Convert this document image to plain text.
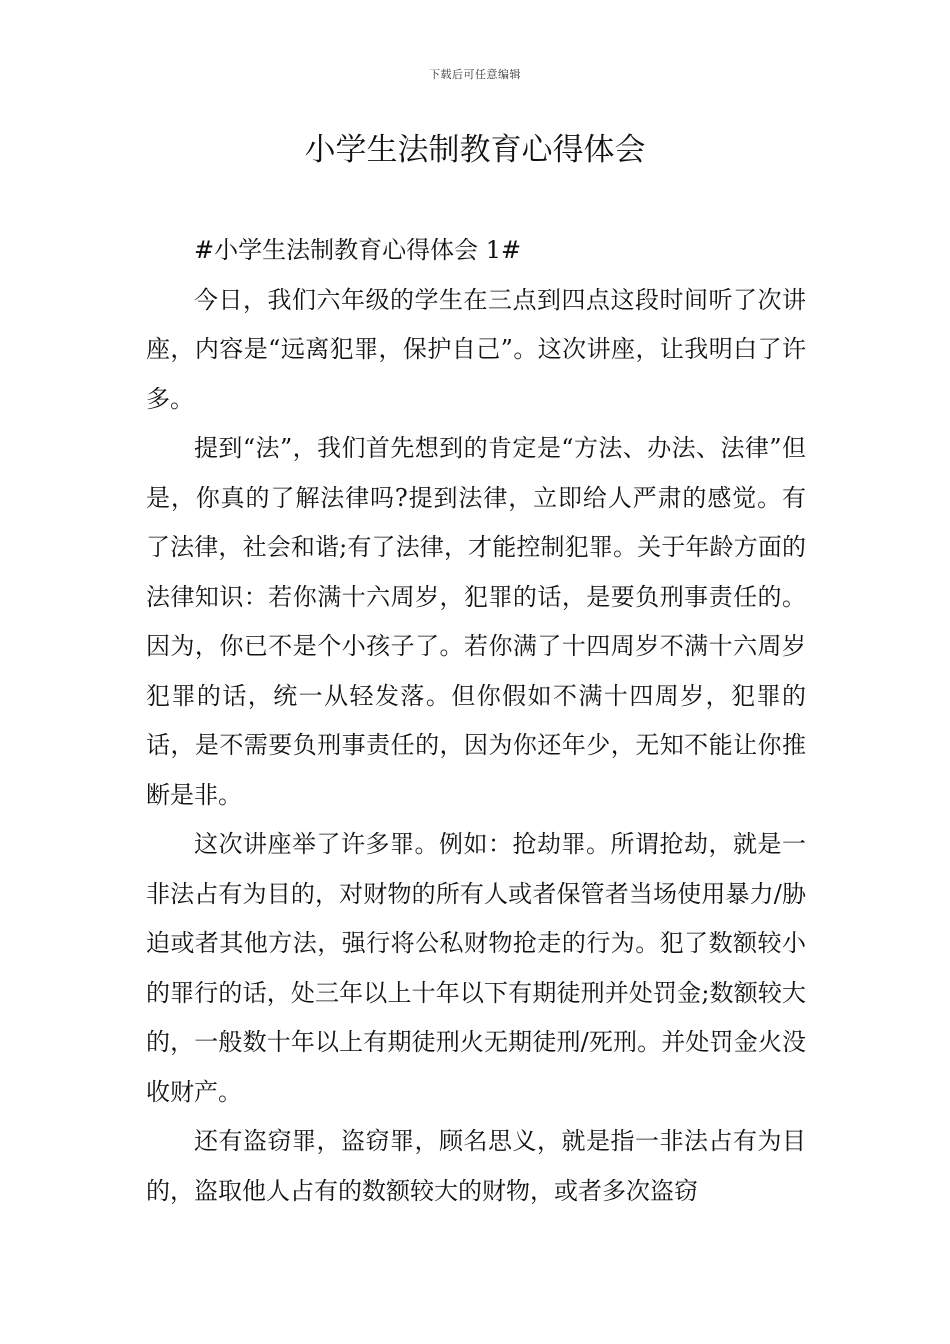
下载后可任意编辑
小学生法制教育心得体会

#小学生法制教育心得体会 1#

今日，我们六年级的学生在三点到四点这段时间听了次讲座，内容是“远离犯罪，保护自己”。这次讲座，让我明白了许多。

提到“法”，我们首先想到的肯定是“方法、办法、法律”但是，你真的了解法律吗?提到法律，立即给人严肃的感觉。有了法律，社会和谐;有了法律，才能控制犯罪。关于年龄方面的法律知识：若你满十六周岁，犯罪的话，是要负刑事责任的。因为，你已不是个小孩子了。若你满了十四周岁不满十六周岁犯罪的话，统一从轻发落。但你假如不满十四周岁，犯罪的话，是不需要负刑事责任的，因为你还年少，无知不能让你推断是非。

这次讲座举了许多罪。例如：抢劫罪。所谓抢劫，就是一非法占有为目的，对财物的所有人或者保管者当场使用暴力/胁迫或者其他方法，强行将公私财物抢走的行为。犯了数额较小的罪行的话，处三年以上十年以下有期徒刑并处罚金;数额较大的，一般数十年以上有期徒刑火无期徒刑/死刑。并处罚金火没收财产。

还有盗窃罪，盗窃罪，顾名思义，就是指一非法占有为目的，盗取他人占有的数额较大的财物，或者多次盗窃
